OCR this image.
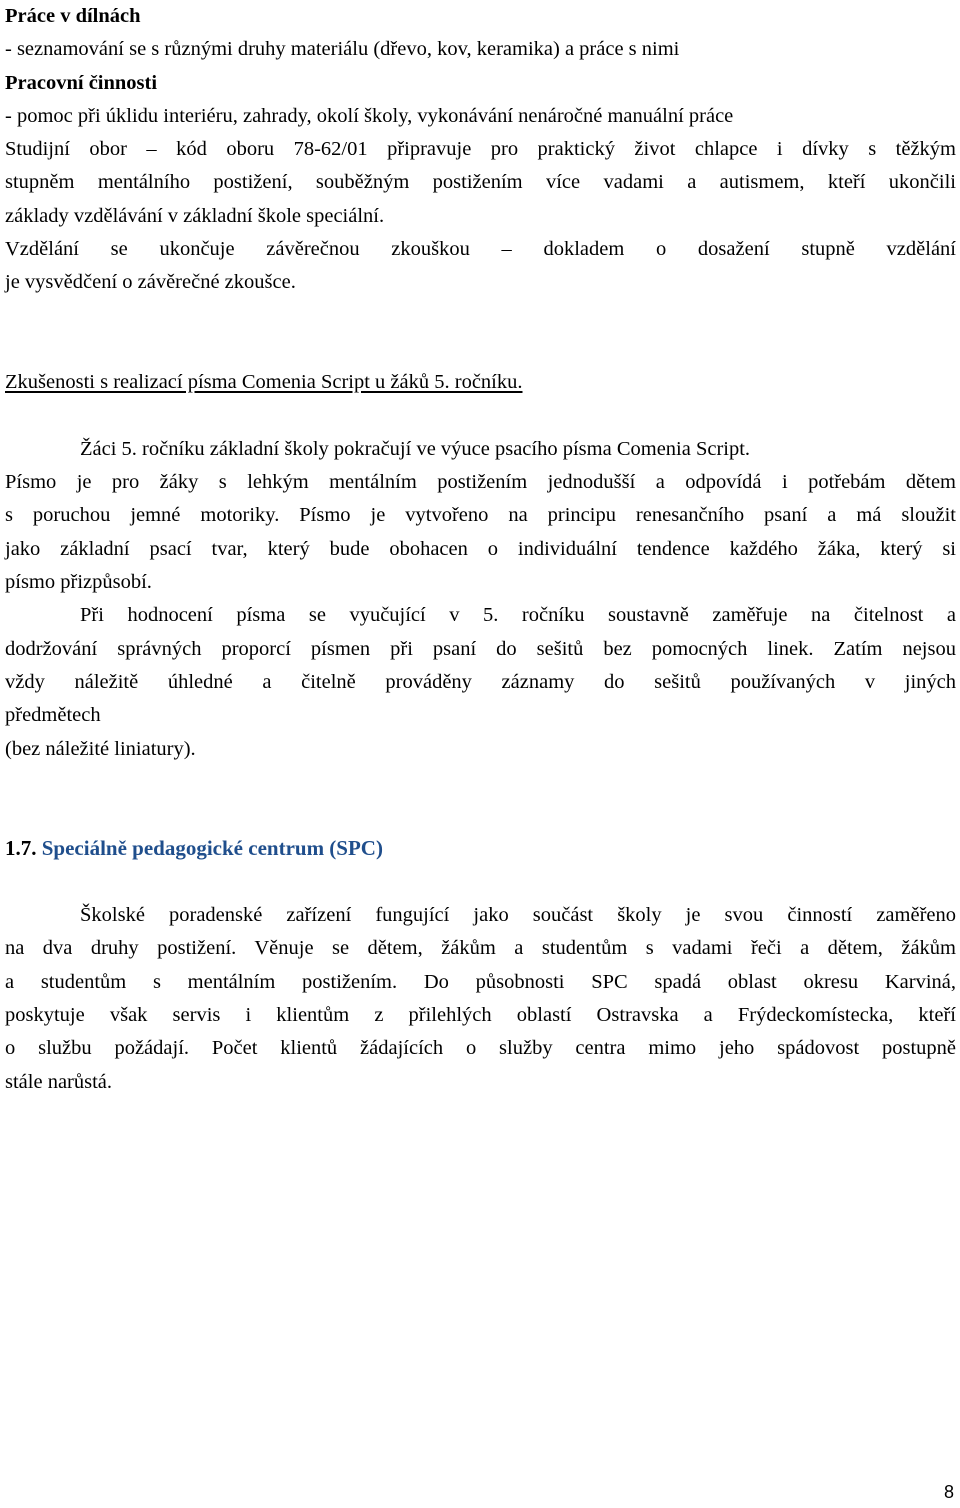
Práce v dílnách
- seznamování se s různými druhy materiálu (dřevo, kov, keramika) a práce s nimi
Pracovní činnosti
- pomoc při úklidu interiéru, zahrady, okolí školy, vykonávání nenáročné manuální práce
Studijní obor – kód oboru 78-62/01 připravuje pro praktický život chlapce i dívky s těžkým
stupněm mentálního postižení, souběžným postižením více vadami a autismem, kteří ukončili
základy vzdělávání v základní škole speciální.
Vzdělání se ukončuje závěrečnou zkouškou – dokladem o dosažení stupně vzdělání
je vysvědčení o závěrečné zkoušce.
Zkušenosti s realizací písma Comenia Script u žáků 5. ročníku.
Žáci 5. ročníku základní školy pokračují ve výuce psacího písma Comenia Script.
Písmo je pro žáky s lehkým mentálním postižením jednodušší a odpovídá i potřebám dětem
s poruchou jemné motoriky. Písmo je vytvořeno na principu renesančního psaní a má sloužit
jako základní psací tvar, který bude obohacen o individuální tendence každého žáka, který si
písmo přizpůsobí.
Při hodnocení písma se vyučující v 5. ročníku soustavně zaměřuje na čitelnost a
dodržování správných proporcí písmen při psaní do sešitů bez pomocných linek. Zatím nejsou
vždy náležitě úhledné a čitelně prováděny záznamy do sešitů používaných v jiných
předmětech
(bez náležité liniatury).
1.7. Speciálně pedagogické centrum (SPC)
Školské poradenské zařízení fungující jako součást školy je svou činností zaměřeno
na dva druhy postižení. Věnuje se dětem, žákům a studentům s vadami řeči a dětem, žákům
a studentům s mentálním postižením. Do působnosti SPC spadá oblast okresu Karviná,
poskytuje však servis i klientům z přilehlých oblastí Ostravska a Frýdeckomístecka, kteří
o službu požádají. Počet klientů žádajících o služby centra mimo jeho spádovost postupně
stále narůstá.
8
